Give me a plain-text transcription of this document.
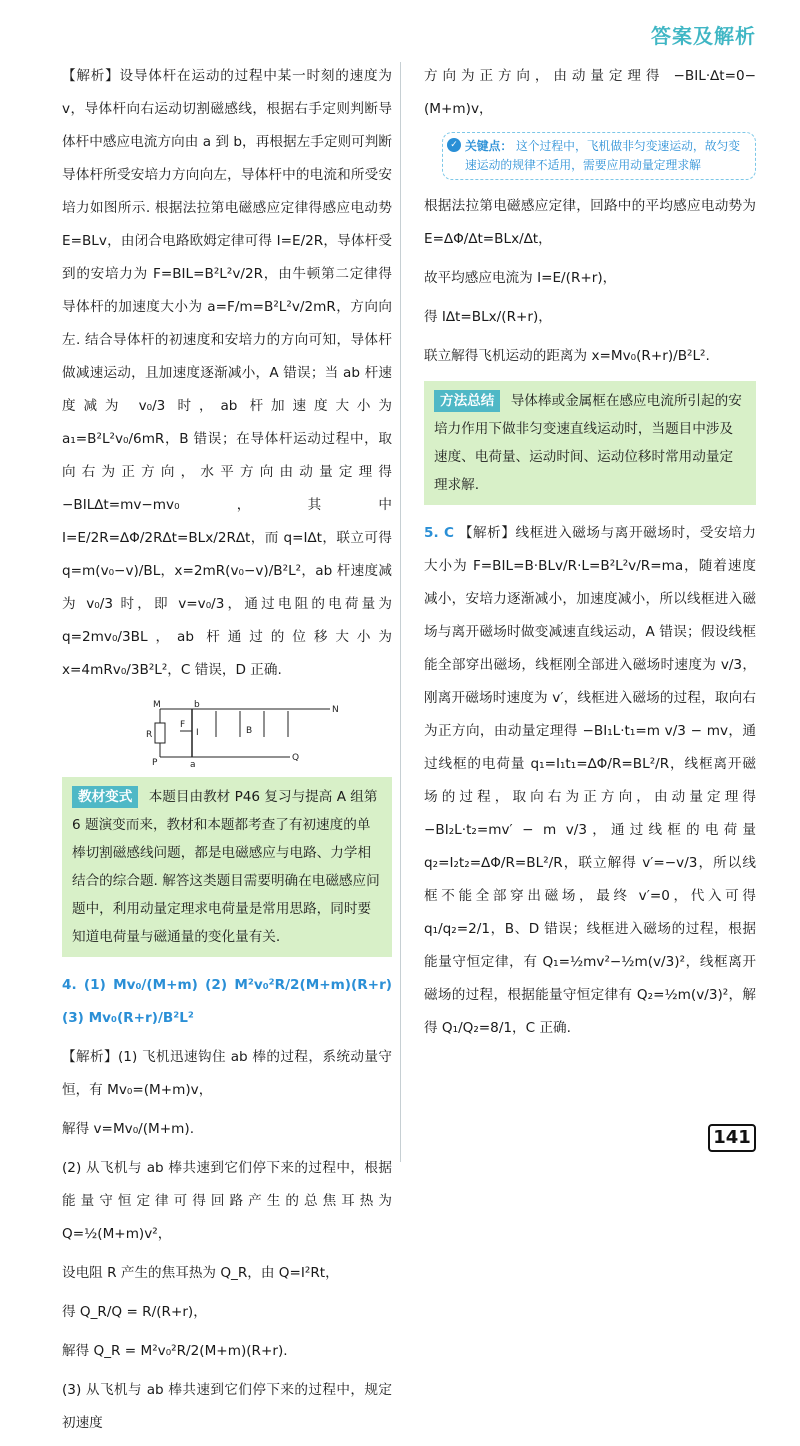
答案及解析

【解析】设导体杆在运动的过程中某一时刻的速度为v，导体杆向右运动切割磁感线，根据右手定则判断导体杆中感应电流方向由 a 到 b，再根据左手定则可判断导体杆所受安培力方向向左，导体杆中的电流和所受安培力如图所示. 根据法拉第电磁感应定律得感应电动势 E=BLv，由闭合电路欧姆定律可得 I=E/2R，导体杆受到的安培力为 F=BIL=B²L²v/2R，由牛顿第二定律得导体杆的加速度大小为 a=F/m=B²L²v/2mR，方向向左. 结合导体杆的初速度和安培力的方向可知，导体杆做减速运动，且加速度逐渐减小，A 错误；当 ab 杆速度减为 v₀/3 时，ab 杆加速度大小为 a₁=B²L²v₀/6mR，B 错误；在导体杆运动过程中，取向右为正方向，水平方向由动量定理得 −BIL∆t=mv−mv₀，其中 I=E/2R=∆Φ/2R∆t=BLx/2R∆t，而 q=I∆t，联立可得 q=m(v₀−v)/BL，x=2mR(v₀−v)/B²L²，ab 杆速度减为 v₀/3 时，即 v=v₀/3，通过电阻的电荷量为 q=2mv₀/3BL，ab 杆通过的位移大小为 x=4mRv₀/3B²L²，C 错误，D 正确.

M	b	N
R
F
I	B
P	a
Q
教材变式 本题目由教材 P46 复习与提高 A 组第 6 题演变而来，教材和本题都考查了有初速度的单棒切割磁感线问题，都是电磁感应与电路、力学相结合的综合题. 解答这类题目需要明确在电磁感应问题中，利用动量定理求电荷量是常用思路，同时要知道电荷量与磁通量的变化量有关.

4. (1) Mv₀/(M+m) (2) M²v₀²R/2(M+m)(R+r) (3) Mv₀(R+r)/B²L²

【解析】(1) 飞机迅速钩住 ab 棒的过程，系统动量守恒，有 Mv₀=(M+m)v，

解得 v=Mv₀/(M+m).

(2) 从飞机与 ab 棒共速到它们停下来的过程中，根据能量守恒定律可得回路产生的总焦耳热为 Q=½(M+m)v²，

设电阻 R 产生的焦耳热为 Q_R，由 Q=I²Rt，

得 Q_R/Q = R/(R+r)，

解得 Q_R = M²v₀²R/2(M+m)(R+r).

(3) 从飞机与 ab 棒共速到它们停下来的过程中，规定初速度

方向为正方向，由动量定理得 −BIL·∆t=0−(M+m)v，

✓ 关键点： 这个过程中，飞机做非匀变速运动，故匀变速运动的规律不适用，需要应用动量定理求解

根据法拉第电磁感应定律，回路中的平均感应电动势为 E=∆Φ/∆t=BLx/∆t，

故平均感应电流为 I=E/(R+r)，

得 I∆t=BLx/(R+r)，

联立解得飞机运动的距离为 x=Mv₀(R+r)/B²L².

方法总结 导体棒或金属框在感应电流所引起的安培力作用下做非匀变速直线运动时，当题目中涉及速度、电荷量、运动时间、运动位移时常用动量定理求解.

5. C 【解析】线框进入磁场与离开磁场时，受安培力大小为 F=BIL=B·BLv/R·L=B²L²v/R=ma，随着速度减小，安培力逐渐减小，加速度减小，所以线框进入磁场与离开磁场时做变减速直线运动，A 错误；假设线框能全部穿出磁场，线框刚全部进入磁场时速度为 v/3，刚离开磁场时速度为 v′，线框进入磁场的过程，取向右为正方向，由动量定理得 −BI₁L·t₁=m v/3 − mv，通过线框的电荷量 q₁=I₁t₁=∆Φ/R=BL²/R，线框离开磁场的过程，取向右为正方向，由动量定理得 −BI₂L·t₂=mv′ − m v/3，通过线框的电荷量 q₂=I₂t₂=∆Φ/R=BL²/R，联立解得 v′=−v/3，所以线框不能全部穿出磁场，最终 v′=0，代入可得 q₁/q₂=2/1，B、D 错误；线框进入磁场的过程，根据能量守恒定律，有 Q₁=½mv²−½m(v/3)²，线框离开磁场的过程，根据能量守恒定律有 Q₂=½m(v/3)²，解得 Q₁/Q₂=8/1，C 正确.

141
